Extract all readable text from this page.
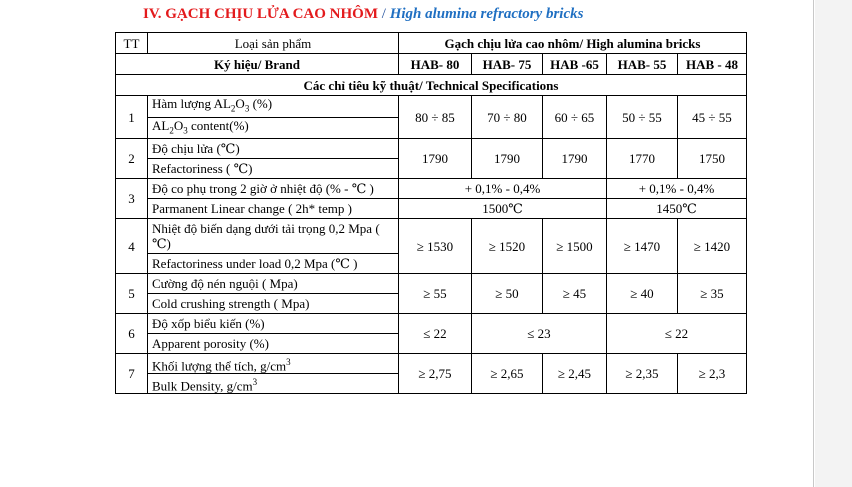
IV. GẠCH CHỊU LỬA CAO NHÔM / High alumina refractory bricks
TT	Loại sản phẩm	Gạch chịu lửa cao nhôm/ High alumina bricks				
Ký hiệu/ Brand		HAB- 80	HAB- 75	HAB -65	HAB- 55	HAB - 48
Các chỉ tiêu kỹ thuật/ Technical Specifications						
1	Hàm lượng $AL_2O_3$ (%)	80 ÷ 85	70 ÷ 80	60 ÷ 65	50 ÷ 55	45 ÷ 55
	$AL_2O_3$ content(%)					
2	Độ chịu lửa (℃)	1790	1790	1790	1770	1750
	Refactoriness ( ℃)					
3	Độ co phụ trong 2 giờ ở nhiệt độ (% - ℃ )	+ 0,1% - 0,4%			+ 0,1% - 0,4%	
	Parmanent Linear change ( 2h* temp )	1500℃			1450℃	
4	Nhiệt độ biến dạng dưới tải trọng 0,2 Mpa ( ℃)	≥ 1530	≥ 1520	≥ 1500	≥ 1470	≥ 1420
	Refactoriness under load 0,2 Mpa (℃ )					
5	Cường độ nén nguội ( Mpa)	≥ 55	≥ 50	≥ 45	≥ 40	≥ 35
	Cold crushing strength ( Mpa)					
6	Độ xốp biểu kiến (%)	≤ 22	≤ 23		≤ 22	
	Apparent porosity (%)					
7	Khối lượng thể tích, $g/cm^3$	≥ 2,75	≥ 2,65	≥ 2,45	≥ 2,35	≥ 2,3
	Bulk Density, $g/cm^3$
